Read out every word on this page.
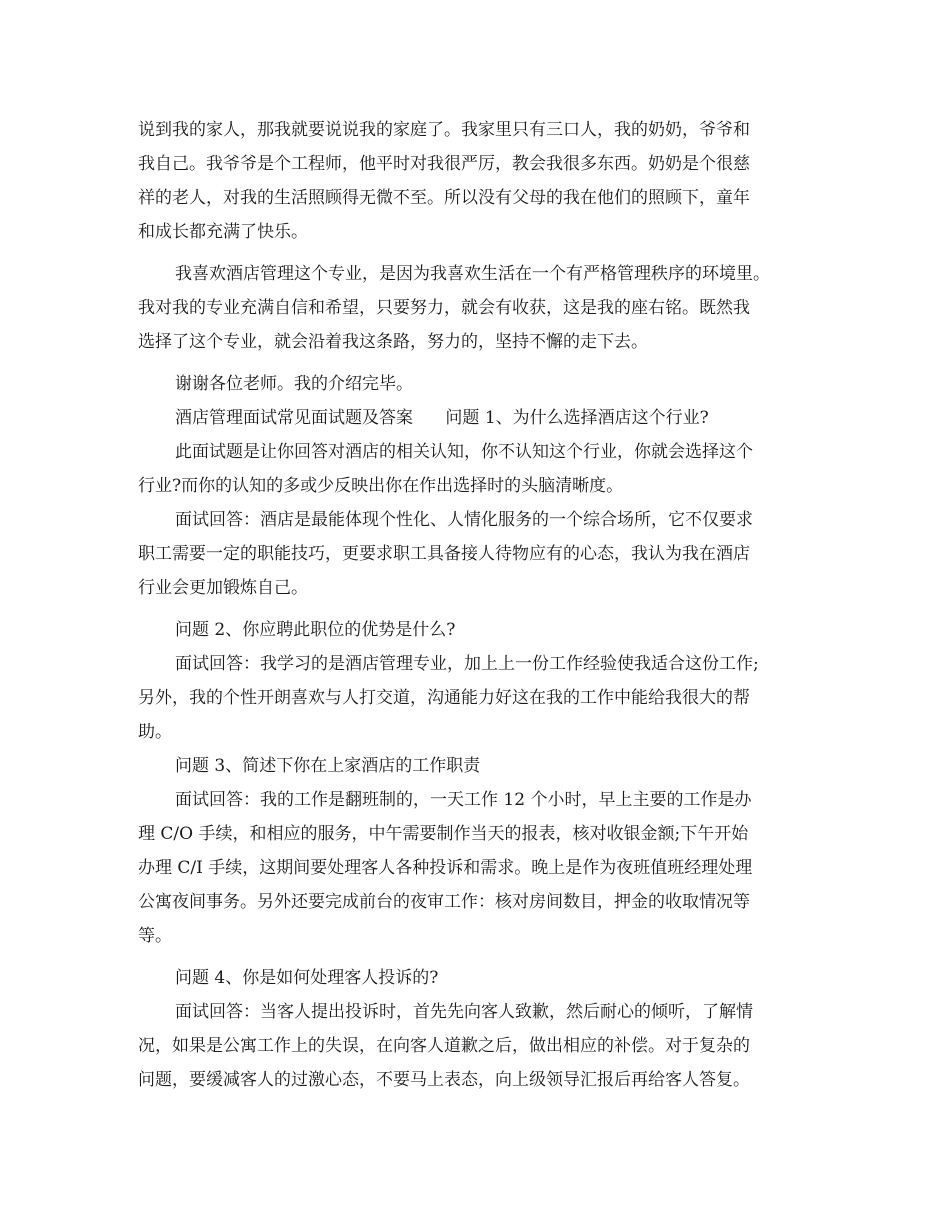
说到我的家人，那我就要说说我的家庭了。我家里只有三口人，我的奶奶，爷爷和

我自己。我爷爷是个工程师，他平时对我很严厉，教会我很多东西。奶奶是个很慈

祥的老人，对我的生活照顾得无微不至。所以没有父母的我在他们的照顾下，童年

和成长都充满了快乐。

我喜欢酒店管理这个专业，是因为我喜欢生活在一个有严格管理秩序的环境里。

我对我的专业充满自信和希望，只要努力，就会有收获，这是我的座右铭。既然我

选择了这个专业，就会沿着我这条路，努力的，坚持不懈的走下去。

谢谢各位老师。我的介绍完毕。

酒店管理面试常见面试题及答案      问题 1、为什么选择酒店这个行业?

此面试题是让你回答对酒店的相关认知，你不认知这个行业，你就会选择这个

行业?而你的认知的多或少反映出你在作出选择时的头脑清晰度。

面试回答：酒店是最能体现个性化、人情化服务的一个综合场所，它不仅要求

职工需要一定的职能技巧，更要求职工具备接人待物应有的心态，我认为我在酒店

行业会更加锻炼自己。

问题 2、你应聘此职位的优势是什么?

面试回答：我学习的是酒店管理专业，加上上一份工作经验使我适合这份工作;

另外，我的个性开朗喜欢与人打交道，沟通能力好这在我的工作中能给我很大的帮

助。

问题 3、简述下你在上家酒店的工作职责

面试回答：我的工作是翻班制的，一天工作 12 个小时，早上主要的工作是办

理 C/O 手续，和相应的服务，中午需要制作当天的报表，核对收银金额;下午开始

办理 C/I 手续，这期间要处理客人各种投诉和需求。晚上是作为夜班值班经理处理

公寓夜间事务。另外还要完成前台的夜审工作：核对房间数目，押金的收取情况等

等。

问题 4、你是如何处理客人投诉的?

面试回答：当客人提出投诉时，首先先向客人致歉，然后耐心的倾听，了解情

况，如果是公寓工作上的失误，在向客人道歉之后，做出相应的补偿。对于复杂的

问题，要缓减客人的过激心态，不要马上表态，向上级领导汇报后再给客人答复。
